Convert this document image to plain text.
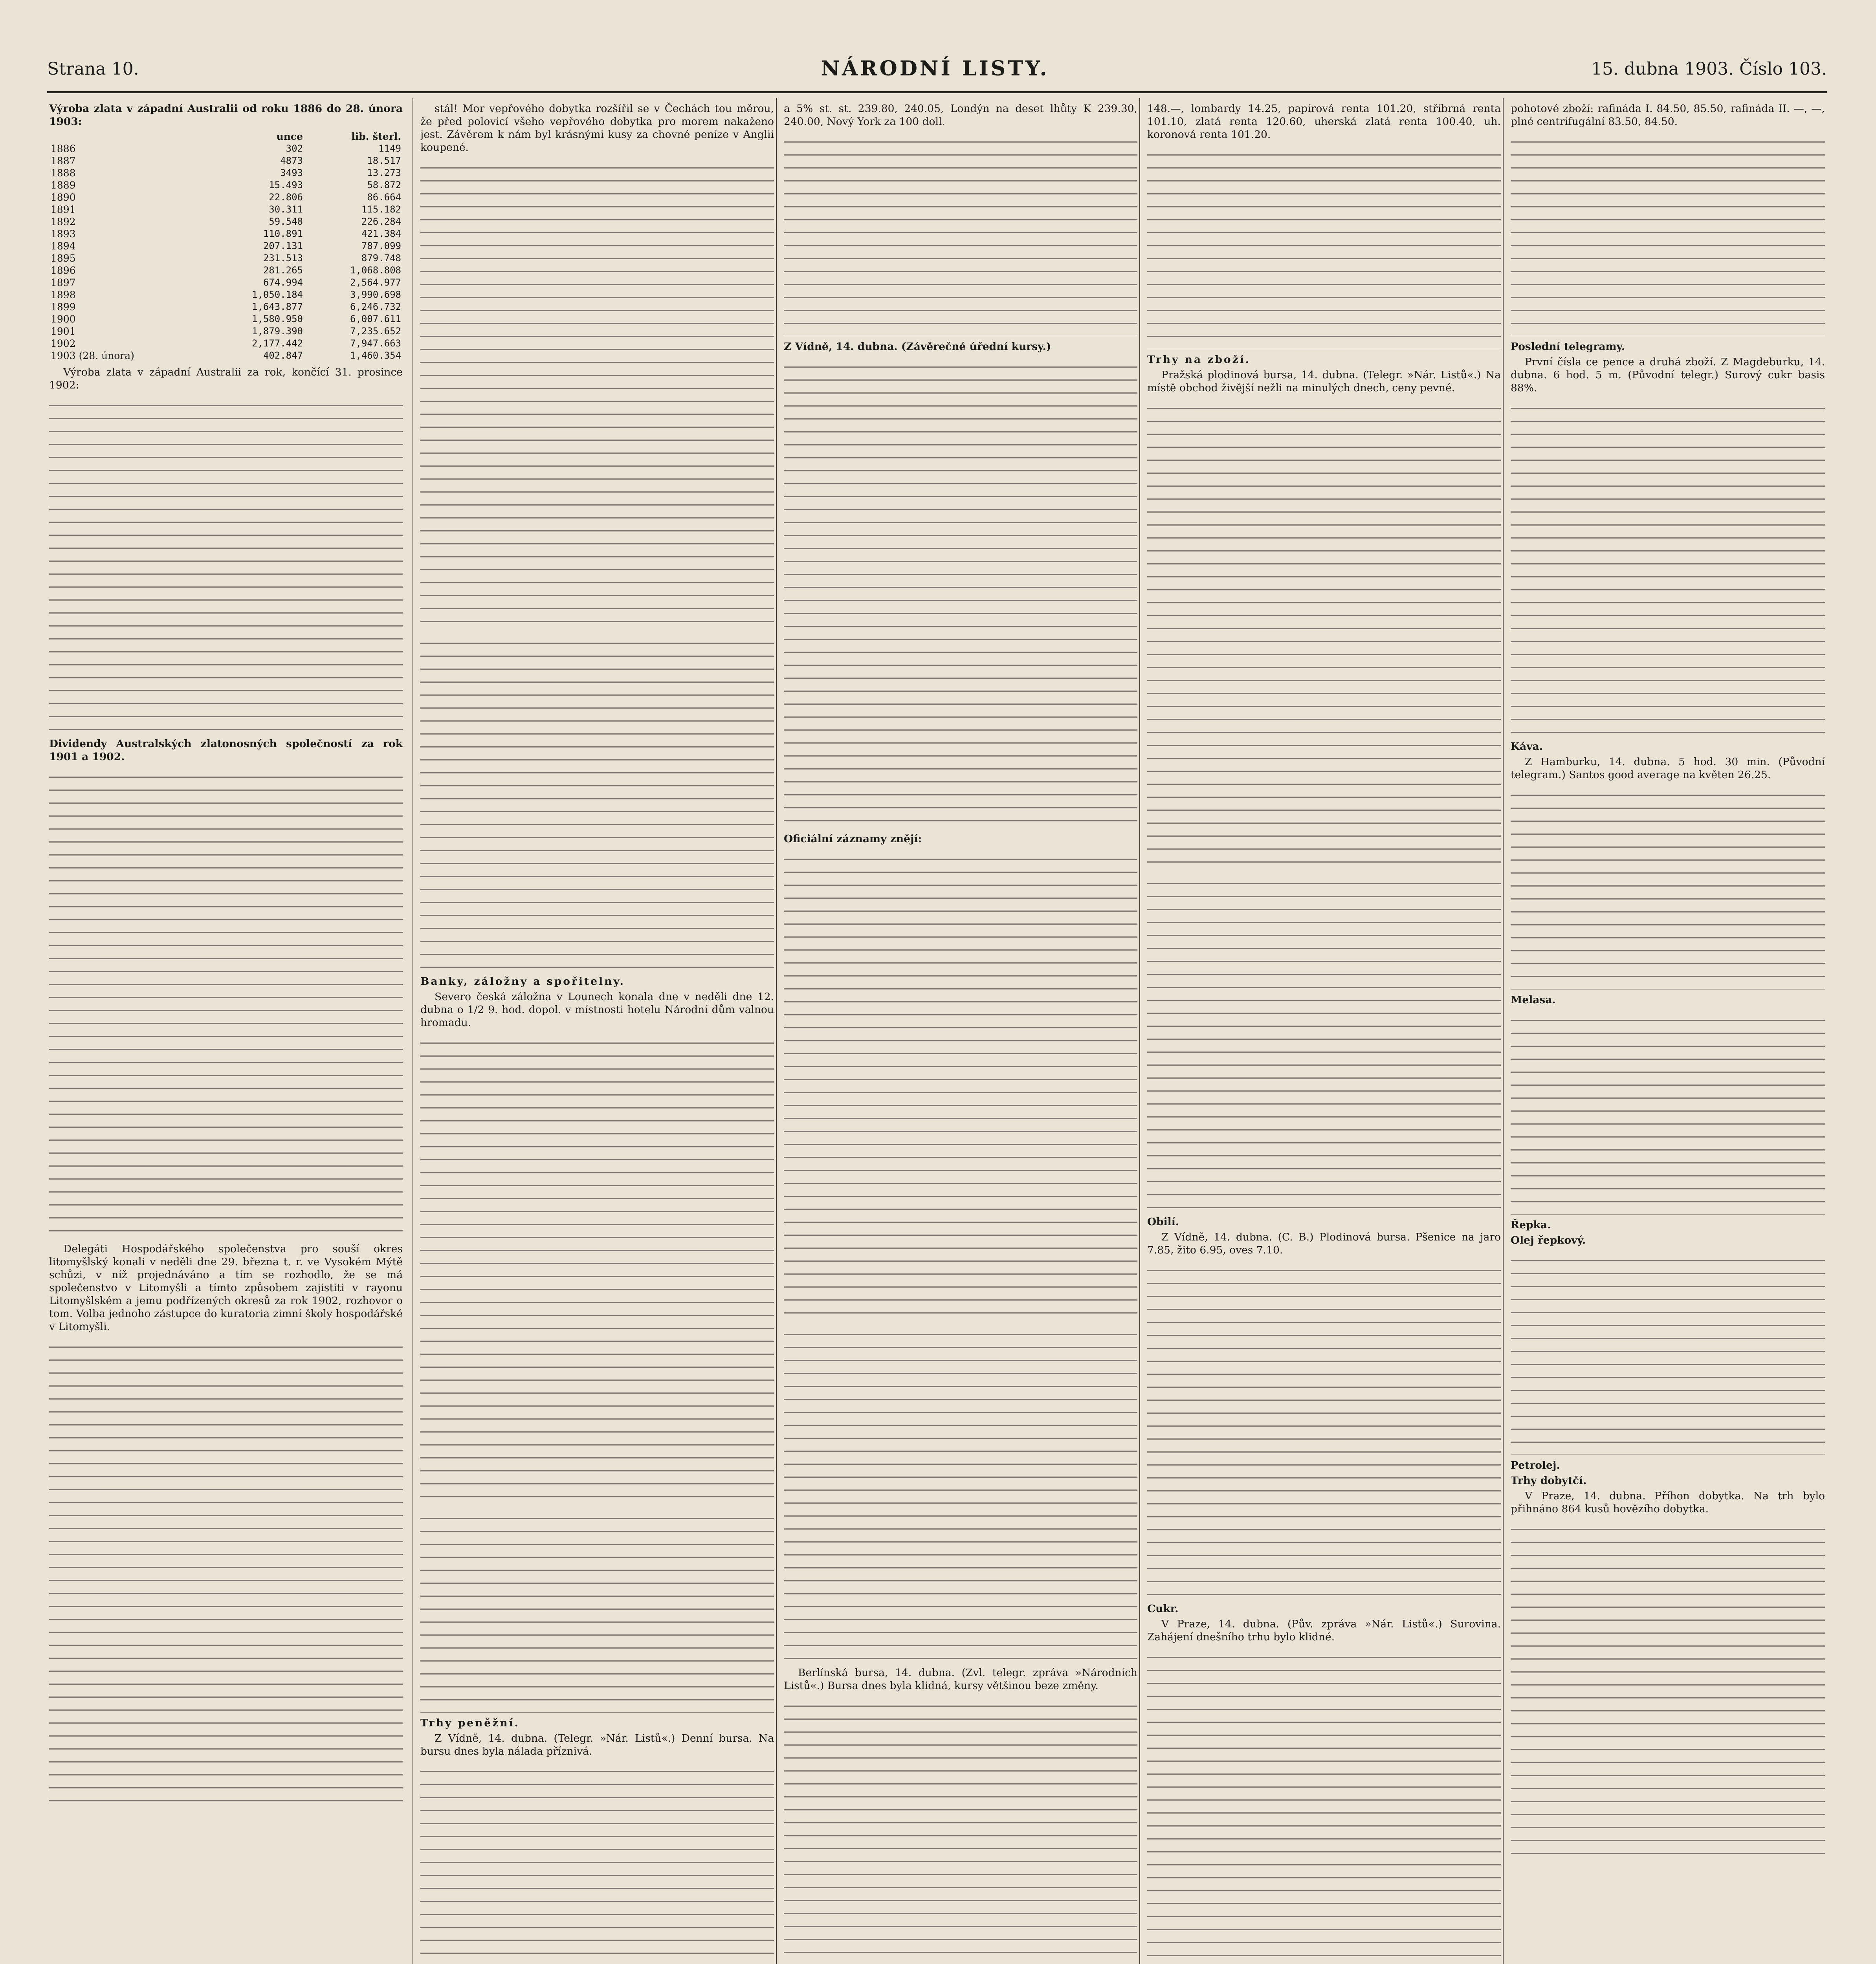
Strana 10.	NÁRODNÍ LISTY.	15. dubna 1903. Číslo 103.

Výroba zlata v západní Australii od roku 1886 do 28. února 1903:

	unce	lib. šterl.
1886	302	1149
1887	4873	18.517
1888	3493	13.273
1889	15.493	58.872
1890	22.806	86.664
1891	30.311	115.182
1892	59.548	226.284
1893	110.891	421.384
1894	207.131	787.099
1895	231.513	879.748
1896	281.265	1,068.808
1897	674.994	2,564.977
1898	1,050.184	3,990.698
1899	1,643.877	6,246.732
1900	1,580.950	6,007.611
1901	1,879.390	7,235.652
1902	2,177.442	7,947.663
1903 (28. února)	402.847	1,460.354

Výroba zlata v západní Australii za rok, končící 31. prosince 1902:

Dividendy Australských zlatonosných společností za rok 1901 a 1902.

Delegáti Hospodářského společenstva pro souší okres litomyšlský konali v neděli dne 29. března t. r. ve Vysokém Mýtě schůzi, v níž projednáváno a tím se rozhodlo, že se má společenstvo v Litomyšli a tímto způsobem zajistiti v rayonu Litomyšlském a jemu podřízených okresů za rok 1902, rozhovor o tom. Volba jednoho zástupce do kuratoria zimní školy hospodářské v Litomyšli.

stál! Mor vepřového dobytka rozšířil se v Čechách tou měrou, že před polovicí všeho vepřového dobytka pro morem nakaženo jest. Závěrem k nám byl krásnými kusy za chovné peníze v Anglii koupené.

Banky, záložny a spořitelny.

Severo česká záložna v Lounech konala dne v neděli dne 12. dubna o 1/2 9. hod. dopol. v místnosti hotelu Národní dům valnou hromadu.

Trhy peněžní.

Z Vídně, 14. dubna. (Telegr. »Nár. Listů«.) Denní bursa. Na bursu dnes byla nálada příznivá.

a 5% st. st. 239.80, 240.05, Londýn na deset lhůty K 239.30, 240.00, Nový York za 100 doll.

Z Vídně, 14. dubna. (Závěrečné úřední kursy.)

Oficiální záznamy znějí:

Berlínská bursa, 14. dubna. (Zvl. telegr. zpráva »Národních Listů«.) Bursa dnes byla klidná, kursy většinou beze změny.

148.—, lombardy 14.25, papírová renta 101.20, stříbrná renta 101.10, zlatá renta 120.60, uherská zlatá renta 100.40, uh. koronová renta 101.20.

Trhy na zboží.

Pražská plodinová bursa, 14. dubna. (Telegr. »Nár. Listů«.) Na místě obchod živější nežli na minulých dnech, ceny pevné.

Obilí.

Z Vídně, 14. dubna. (C. B.) Plodinová bursa. Pšenice na jaro 7.85, žito 6.95, oves 7.10.

Cukr.

V Praze, 14. dubna. (Pův. zpráva »Nár. Listů«.) Surovina. Zahájení dnešního trhu bylo klidné.

pohotové zboží: rafináda I. 84.50, 85.50, rafináda II. —, —, plné centrifugální 83.50, 84.50.

Poslední telegramy.

První čísla ce pence a druhá zboží. Z Magdeburku, 14. dubna. 6 hod. 5 m. (Původní telegr.) Surový cukr basis 88%.

Káva.

Z Hamburku, 14. dubna. 5 hod. 30 min. (Původní telegram.) Santos good average na květen 26.25.

Melasa.

Řepka.

Olej řepkový.

Petrolej.

Trhy dobytčí.

V Praze, 14. dubna. Příhon dobytka. Na trh bylo přihnáno 864 kusů hovězího dobytka.
